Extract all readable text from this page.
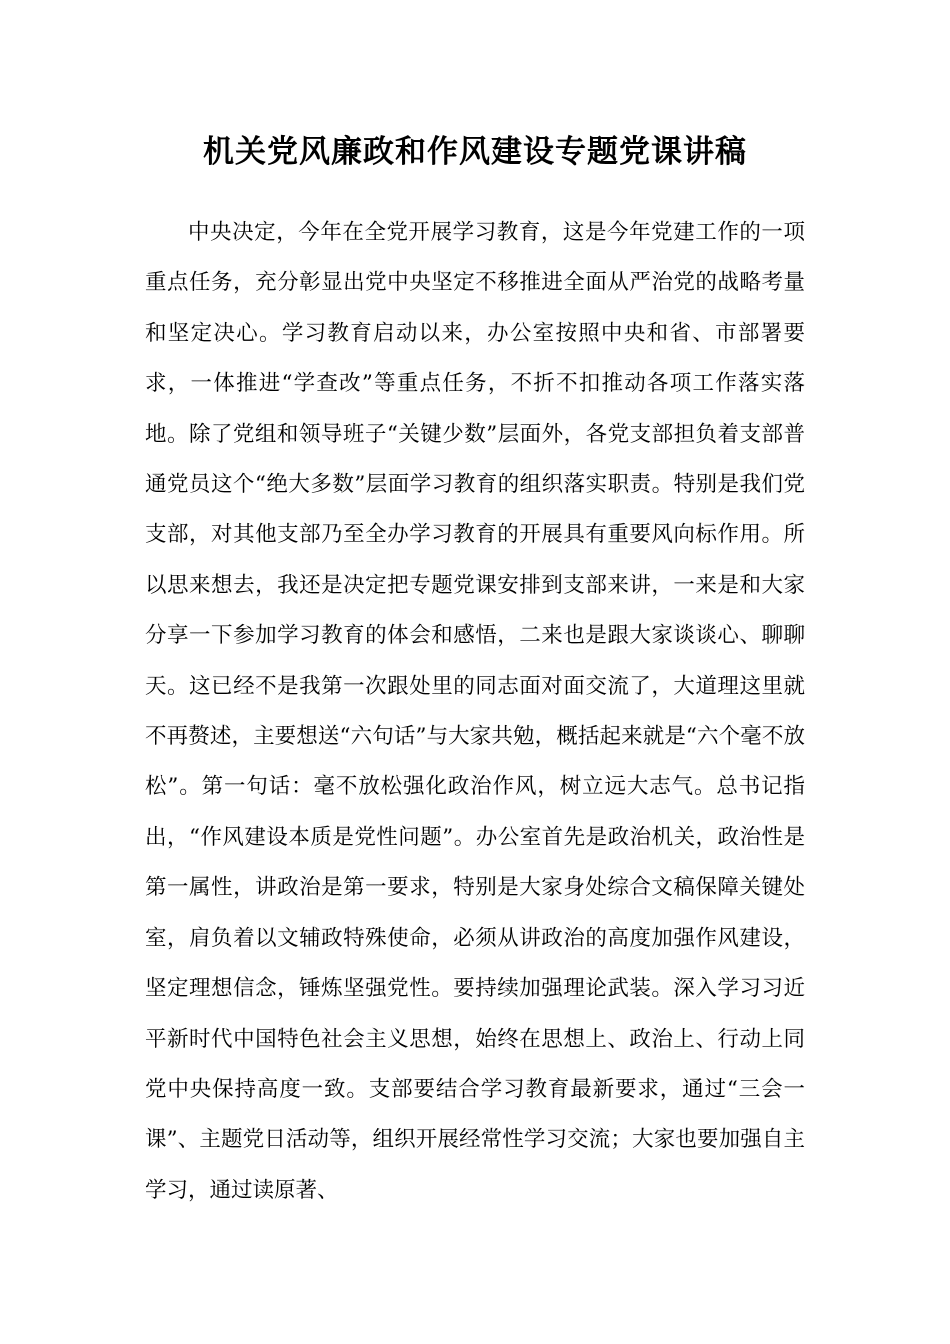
机关党风廉政和作风建设专题党课讲稿

中央决定，今年在全党开展学习教育，这是今年党建工作的一项重点任务，充分彰显出党中央坚定不移推进全面从严治党的战略考量和坚定决心。学习教育启动以来，办公室按照中央和省、市部署要求，一体推进“学查改”等重点任务，不折不扣推动各项工作落实落地。除了党组和领导班子“关键少数”层面外，各党支部担负着支部普通党员这个“绝大多数”层面学习教育的组织落实职责。特别是我们党支部，对其他支部乃至全办学习教育的开展具有重要风向标作用。所以思来想去，我还是决定把专题党课安排到支部来讲，一来是和大家分享一下参加学习教育的体会和感悟，二来也是跟大家谈谈心、聊聊天。这已经不是我第一次跟处里的同志面对面交流了，大道理这里就不再赘述，主要想送“六句话”与大家共勉，概括起来就是“六个毫不放松”。第一句话：毫不放松强化政治作风，树立远大志气。总书记指出，“作风建设本质是党性问题”。办公室首先是政治机关，政治性是第一属性，讲政治是第一要求，特别是大家身处综合文稿保障关键处室，肩负着以文辅政特殊使命，必须从讲政治的高度加强作风建设，坚定理想信念，锤炼坚强党性。要持续加强理论武装。深入学习习近平新时代中国特色社会主义思想，始终在思想上、政治上、行动上同党中央保持高度一致。支部要结合学习教育最新要求，通过“三会一课”、主题党日活动等，组织开展经常性学习交流；大家也要加强自主学习，通过读原著、
